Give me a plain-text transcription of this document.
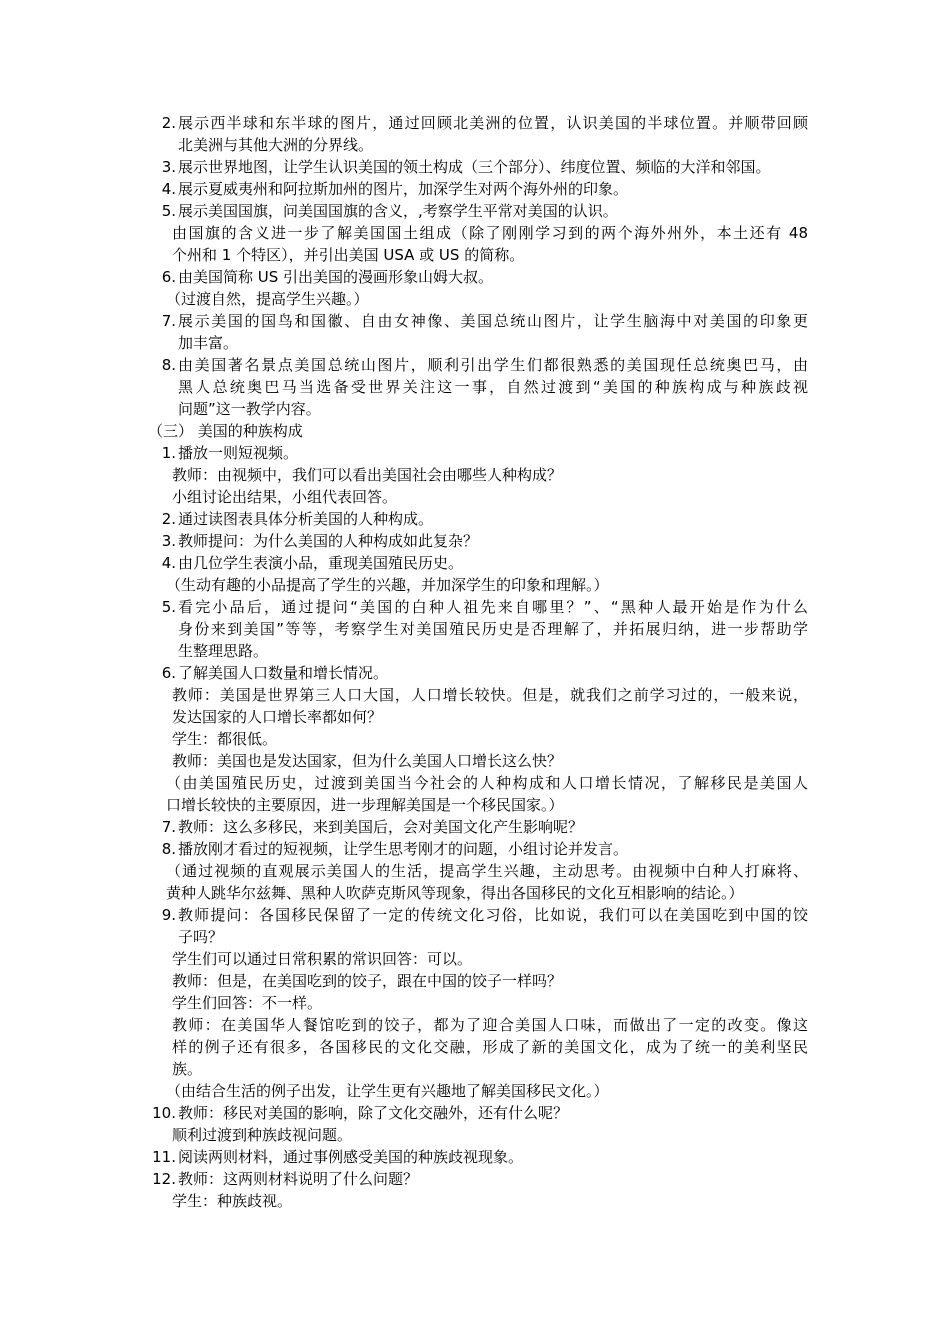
2. 展示西半球和东半球的图片，通过回顾北美洲的位置，认识美国的半球位置。并顺带回顾
北美洲与其他大洲的分界线。
3. 展示世界地图，让学生认识美国的领土构成（三个部分）、纬度位置、频临的大洋和邻国。
4. 展示夏威夷州和阿拉斯加州的图片，加深学生对两个海外州的印象。
5. 展示美国国旗，问美国国旗的含义，,考察学生平常对美国的认识。
由国旗的含义进一步了解美国国土组成（除了刚刚学习到的两个海外州外，本土还有 48
个州和 1 个特区），并引出美国 USA 或 US 的简称。
6. 由美国简称 US 引出美国的漫画形象山姆大叔。
（过渡自然，提高学生兴趣。）
7. 展示美国的国鸟和国徽、自由女神像、美国总统山图片，让学生脑海中对美国的印象更
加丰富。
8. 由美国著名景点美国总统山图片，顺利引出学生们都很熟悉的美国现任总统奥巴马，由
黑人总统奥巴马当选备受世界关注这一事，自然过渡到“美国的种族构成与种族歧视
问题”这一教学内容。
（三） 美国的种族构成
1. 播放一则短视频。
教师：由视频中，我们可以看出美国社会由哪些人种构成？
小组讨论出结果，小组代表回答。
2. 通过读图表具体分析美国的人种构成。
3. 教师提问：为什么美国的人种构成如此复杂？
4. 由几位学生表演小品，重现美国殖民历史。
（生动有趣的小品提高了学生的兴趣，并加深学生的印象和理解。）
5. 看完小品后，通过提问“美国的白种人祖先来自哪里？”、“黑种人最开始是作为什么
身份来到美国”等等，考察学生对美国殖民历史是否理解了，并拓展归纳，进一步帮助学
生整理思路。
6. 了解美国人口数量和增长情况。
教师：美国是世界第三人口大国，人口增长较快。但是，就我们之前学习过的，一般来说，
发达国家的人口增长率都如何？
学生：都很低。
教师：美国也是发达国家，但为什么美国人口增长这么快？
（由美国殖民历史，过渡到美国当今社会的人种构成和人口增长情况，了解移民是美国人
口增长较快的主要原因，进一步理解美国是一个移民国家。）
7. 教师：这么多移民，来到美国后，会对美国文化产生影响呢？
8. 播放刚才看过的短视频，让学生思考刚才的问题，小组讨论并发言。
（通过视频的直观展示美国人的生活，提高学生兴趣，主动思考。由视频中白种人打麻将、
黄种人跳华尔兹舞、黑种人吹萨克斯风等现象，得出各国移民的文化互相影响的结论。）
9. 教师提问：各国移民保留了一定的传统文化习俗，比如说，我们可以在美国吃到中国的饺
子吗？
学生们可以通过日常积累的常识回答：可以。
教师：但是，在美国吃到的饺子，跟在中国的饺子一样吗？
学生们回答：不一样。
教师：在美国华人餐馆吃到的饺子，都为了迎合美国人口味，而做出了一定的改变。像这
样的例子还有很多，各国移民的文化交融，形成了新的美国文化，成为了统一的美利坚民
族。
（由结合生活的例子出发，让学生更有兴趣地了解美国移民文化。）
10. 教师：移民对美国的影响，除了文化交融外，还有什么呢？
顺利过渡到种族歧视问题。
11. 阅读两则材料，通过事例感受美国的种族歧视现象。
12. 教师：这两则材料说明了什么问题？
学生：种族歧视。
